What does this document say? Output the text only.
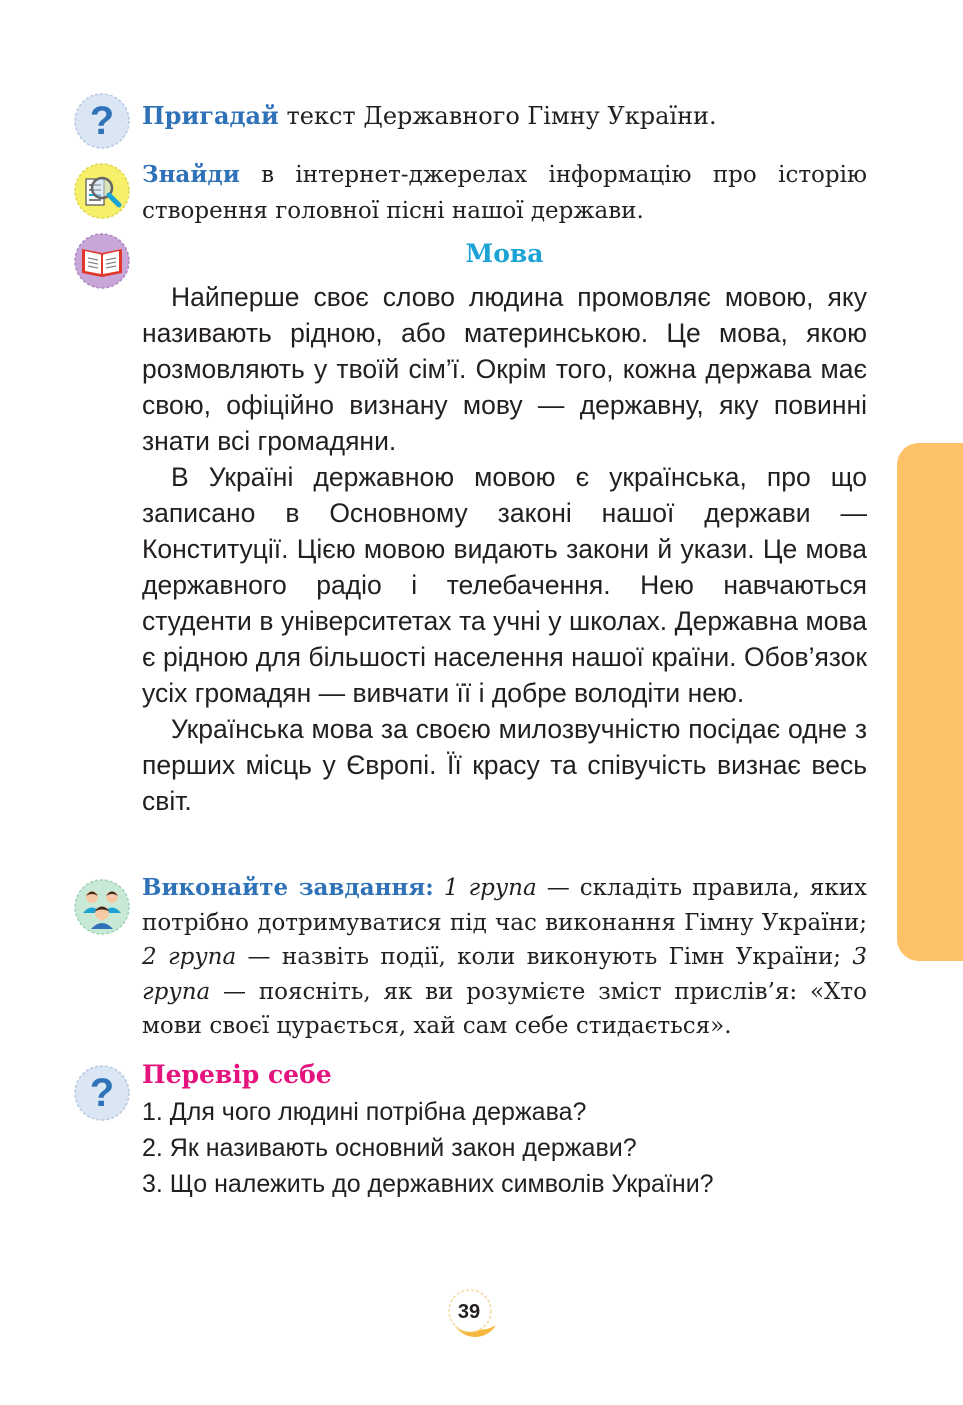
? Пригадай текст Державного Гімну України.
Знайди в інтернет-джерелах інформацію про історію створення головної пісні нашої держави.
Мова

Найперше своє слово людина промовляє мовою, яку називають рідною, або материнською. Це мова, якою розмовляють у твоїй сім’ї. Окрім того, кожна держава має свою, офіційно визнану мову — державну, яку повинні знати всі громадяни.

В Україні державною мовою є українська, про що записано в Основному законі нашої держави — Конституції. Цією мовою видають закони й укази. Це мова державного радіо і телебачення. Нею навчаються студенти в університетах та учні у школах. Державна мова є рідною для більшості населення нашої країни. Обов’язок усіх громадян — вивчати її і добре володіти нею.

Українська мова за своєю милозвучністю посідає одне з перших місць у Європі. Її красу та співучість визнає весь світ.

Виконайте завдання: 1 група — складіть правила, яких потрібно дотримуватися під час виконання Гімну України; 2 група — назвіть події, коли виконують Гімн України; 3 група — поясніть, як ви розумієте зміст прислів’я: «Хто мови своєї цурається, хай сам себе стидається».
? Перевір себе
1. Для чого людині потрібна держава?
2. Як називають основний закон держави?
3. Що належить до державних символів України?
39
